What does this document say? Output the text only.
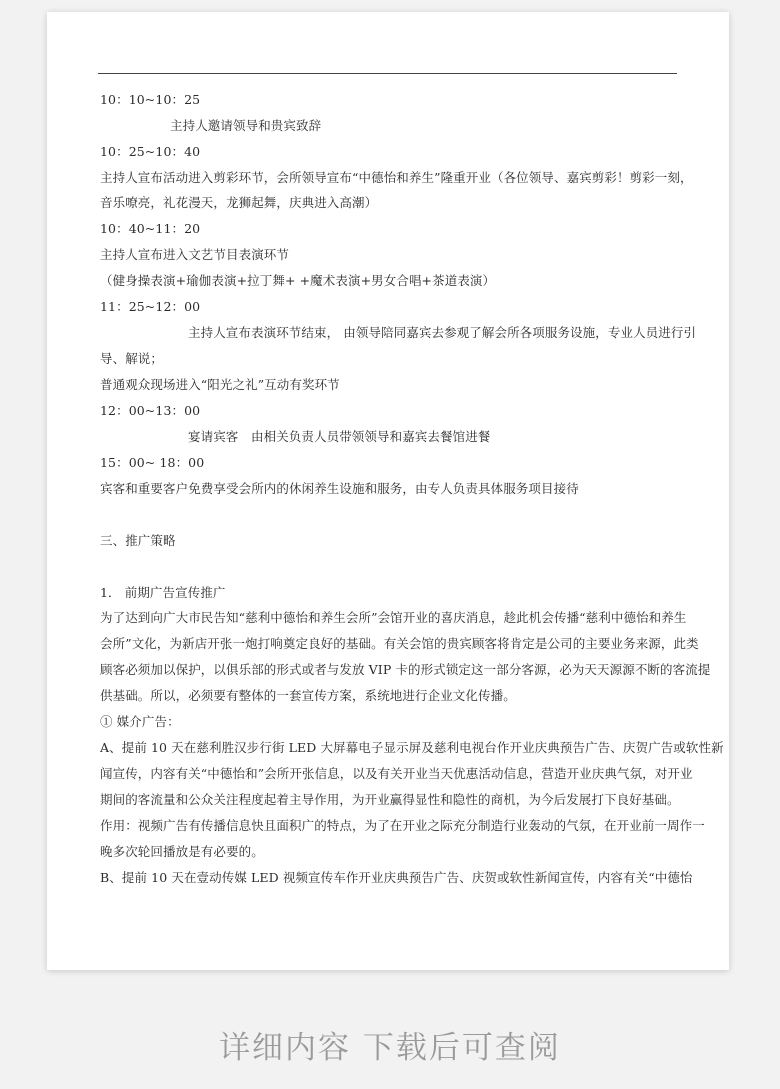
10：10~10：25
主持人邀请领导和贵宾致辞
10：25~10：40
主持人宣布活动进入剪彩环节，会所领导宣布“中德怡和养生”隆重开业（各位领导、嘉宾剪彩！剪彩一刻，
音乐嘹亮，礼花漫天，龙狮起舞，庆典进入高潮）
10：40~11：20
主持人宣布进入文艺节目表演环节
（健身操表演+瑜伽表演+拉丁舞+ +魔术表演+男女合唱+茶道表演）
11：25~12：00
主持人宣布表演环节结束， 由领导陪同嘉宾去参观了解会所各项服务设施，专业人员进行引
导、解说；
普通观众现场进入“阳光之礼”互动有奖环节
12：00~13：00
宴请宾客　由相关负责人员带领领导和嘉宾去餐馆进餐
15：00~ 18：00
宾客和重要客户免费享受会所内的休闲养生设施和服务，由专人负责具体服务项目接待
三、推广策略
1． 前期广告宣传推广
为了达到向广大市民告知“慈利中德怡和养生会所”会馆开业的喜庆消息，趁此机会传播“慈利中德怡和养生
会所”文化，为新店开张一炮打响奠定良好的基础。有关会馆的贵宾顾客将肯定是公司的主要业务来源，此类
顾客必须加以保护，以俱乐部的形式或者与发放 VIP 卡的形式锁定这一部分客源，必为天天源源不断的客流提
供基础。所以，必须要有整体的一套宣传方案，系统地进行企业文化传播。
① 媒介广告：
A、提前 10 天在慈利胜汉步行街 LED 大屏幕电子显示屏及慈利电视台作开业庆典预告广告、庆贺广告或软性新
闻宣传，内容有关“中德怡和”会所开张信息，以及有关开业当天优惠活动信息，营造开业庆典气氛，对开业
期间的客流量和公众关注程度起着主导作用，为开业赢得显性和隐性的商机，为今后发展打下良好基础。
作用：视频广告有传播信息快且面积广的特点，为了在开业之际充分制造行业轰动的气氛，在开业前一周作一
晚多次轮回播放是有必要的。
B、提前 10 天在壹动传媒 LED 视频宣传车作开业庆典预告广告、庆贺或软性新闻宣传，内容有关“中德怡
详细内容 下载后可查阅
